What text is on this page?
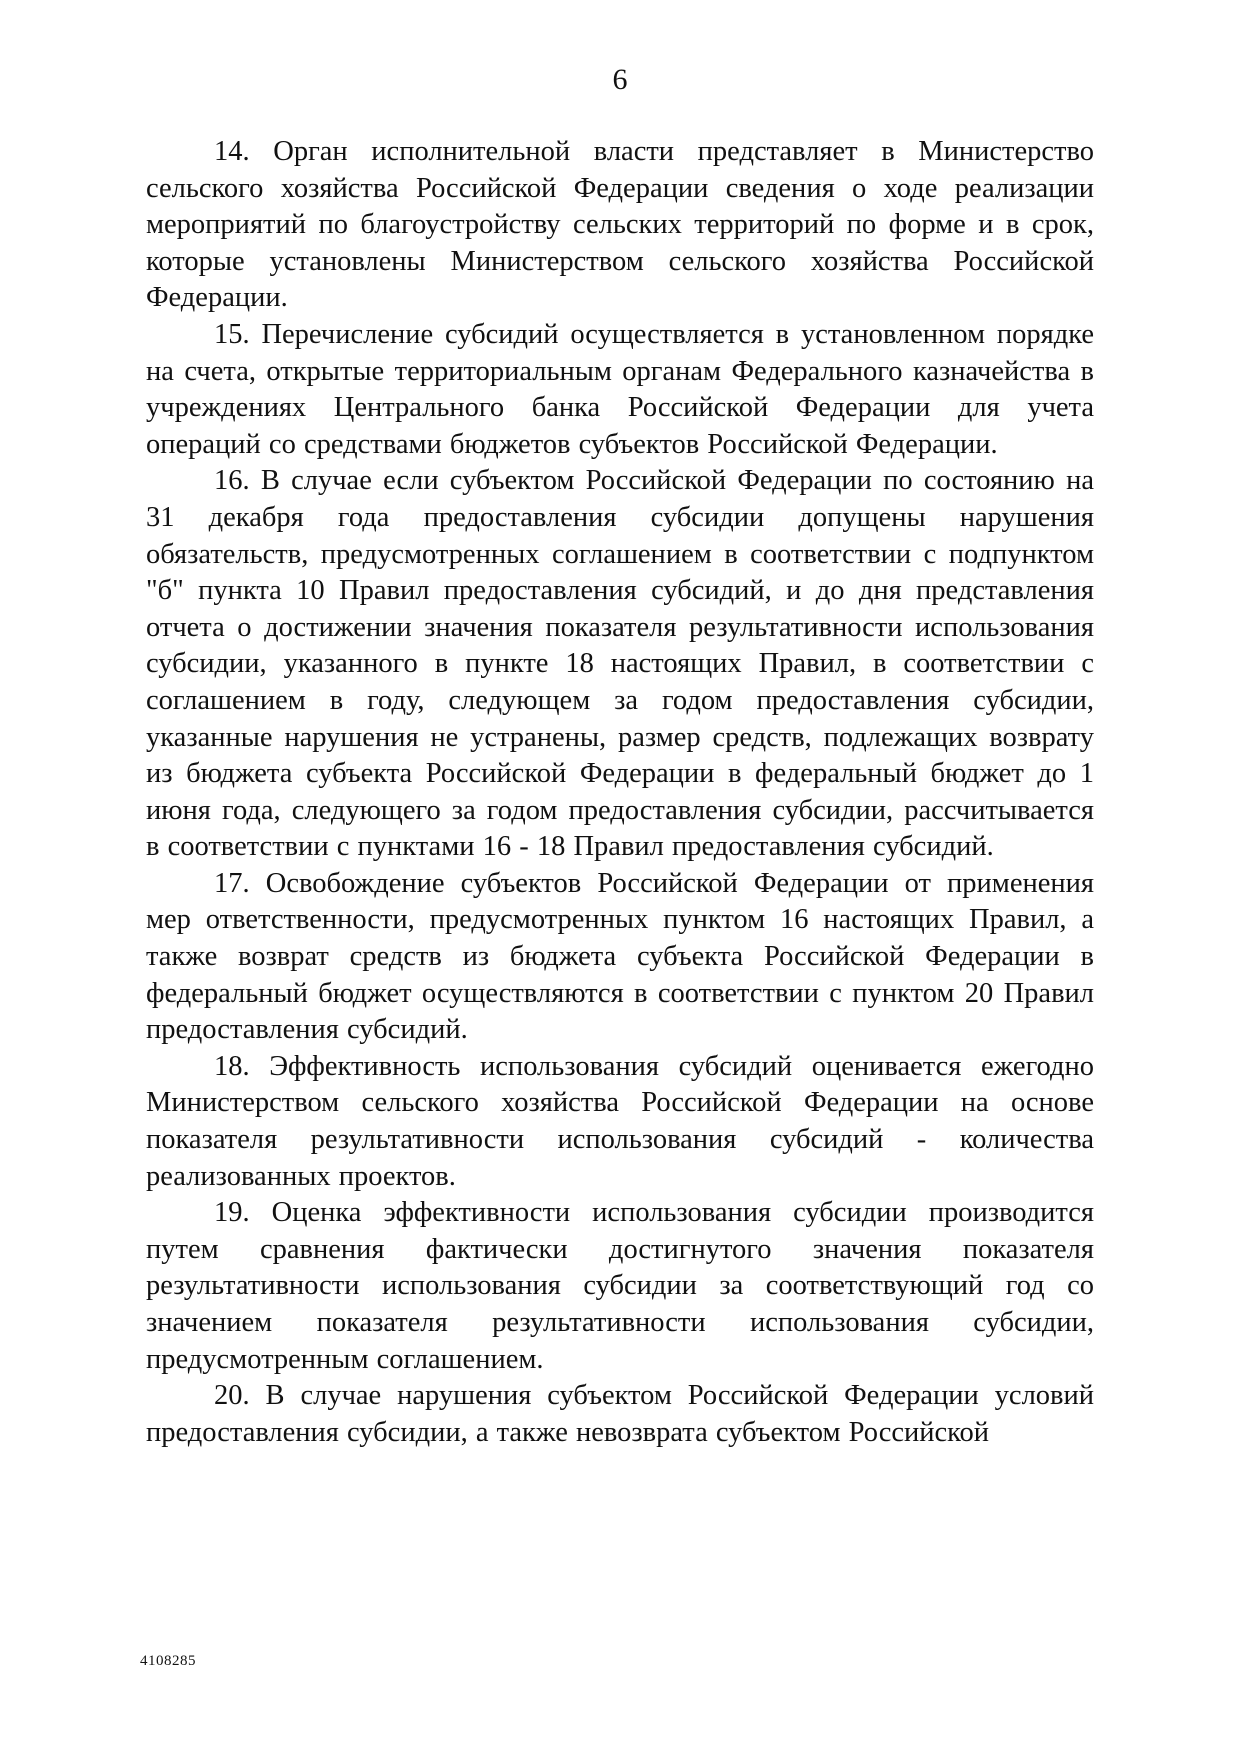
6

14. Орган исполнительной власти представляет в Министерство сельского хозяйства Российской Федерации сведения о ходе реализации мероприятий по благоустройству сельских территорий по форме и в срок, которые установлены Министерством сельского хозяйства Российской Федерации.

15. Перечисление субсидий осуществляется в установленном порядке на счета, открытые территориальным органам Федерального казначейства в учреждениях Центрального банка Российской Федерации для учета операций со средствами бюджетов субъектов Российской Федерации.

16. В случае если субъектом Российской Федерации по состоянию на 31 декабря года предоставления субсидии допущены нарушения обязательств, предусмотренных соглашением в соответствии с подпунктом "б" пункта 10 Правил предоставления субсидий, и до дня представления отчета о достижении значения показателя результативности использования субсидии, указанного в пункте 18 настоящих Правил, в соответствии с соглашением в году, следующем за годом предоставления субсидии, указанные нарушения не устранены, размер средств, подлежащих возврату из бюджета субъекта Российской Федерации в федеральный бюджет до 1 июня года, следующего за годом предоставления субсидии, рассчитывается в соответствии с пунктами 16 - 18 Правил предоставления субсидий.

17. Освобождение субъектов Российской Федерации от применения мер ответственности, предусмотренных пунктом 16 настоящих Правил, а также возврат средств из бюджета субъекта Российской Федерации в федеральный бюджет осуществляются в соответствии с пунктом 20 Правил предоставления субсидий.

18. Эффективность использования субсидий оценивается ежегодно Министерством сельского хозяйства Российской Федерации на основе показателя результативности использования субсидий - количества реализованных проектов.

19. Оценка эффективности использования субсидии производится путем сравнения фактически достигнутого значения показателя результативности использования субсидии за соответствующий год со значением показателя результативности использования субсидии, предусмотренным соглашением.

20. В случае нарушения субъектом Российской Федерации условий предоставления субсидии, а также невозврата субъектом Российской

4108285
